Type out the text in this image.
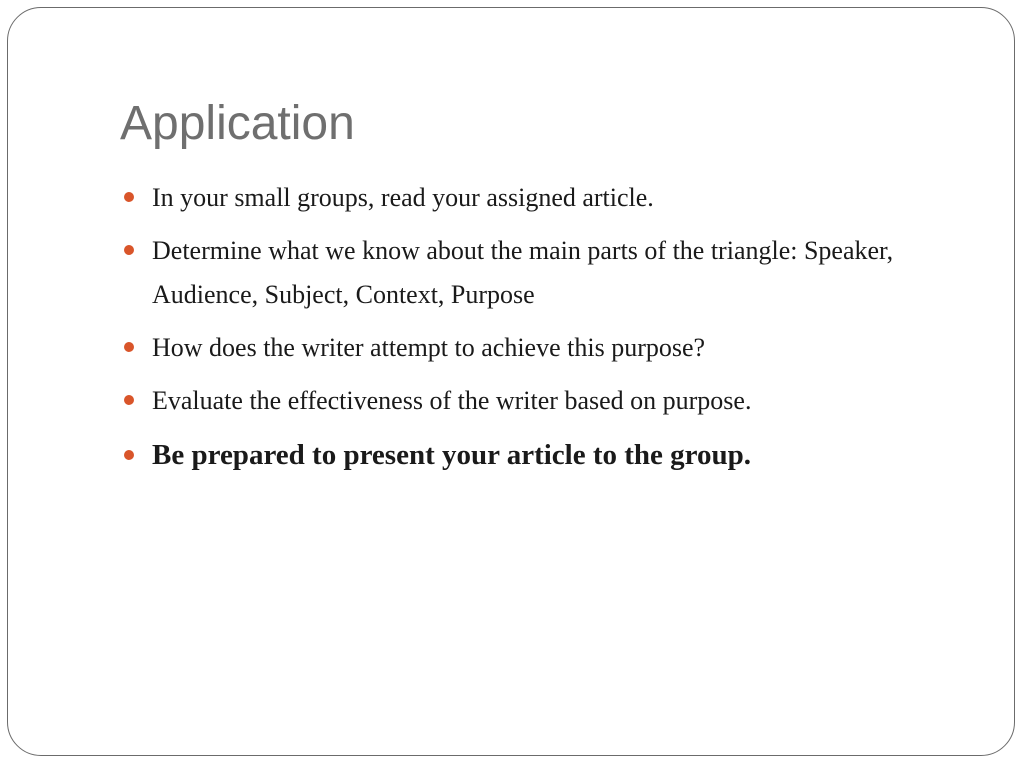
Application
In your small groups, read your assigned article.
Determine what we know about the main parts of the triangle: Speaker, Audience, Subject, Context, Purpose
How does the writer attempt to achieve this purpose?
Evaluate the effectiveness of the writer based on purpose.
Be prepared to present your article to the group.
